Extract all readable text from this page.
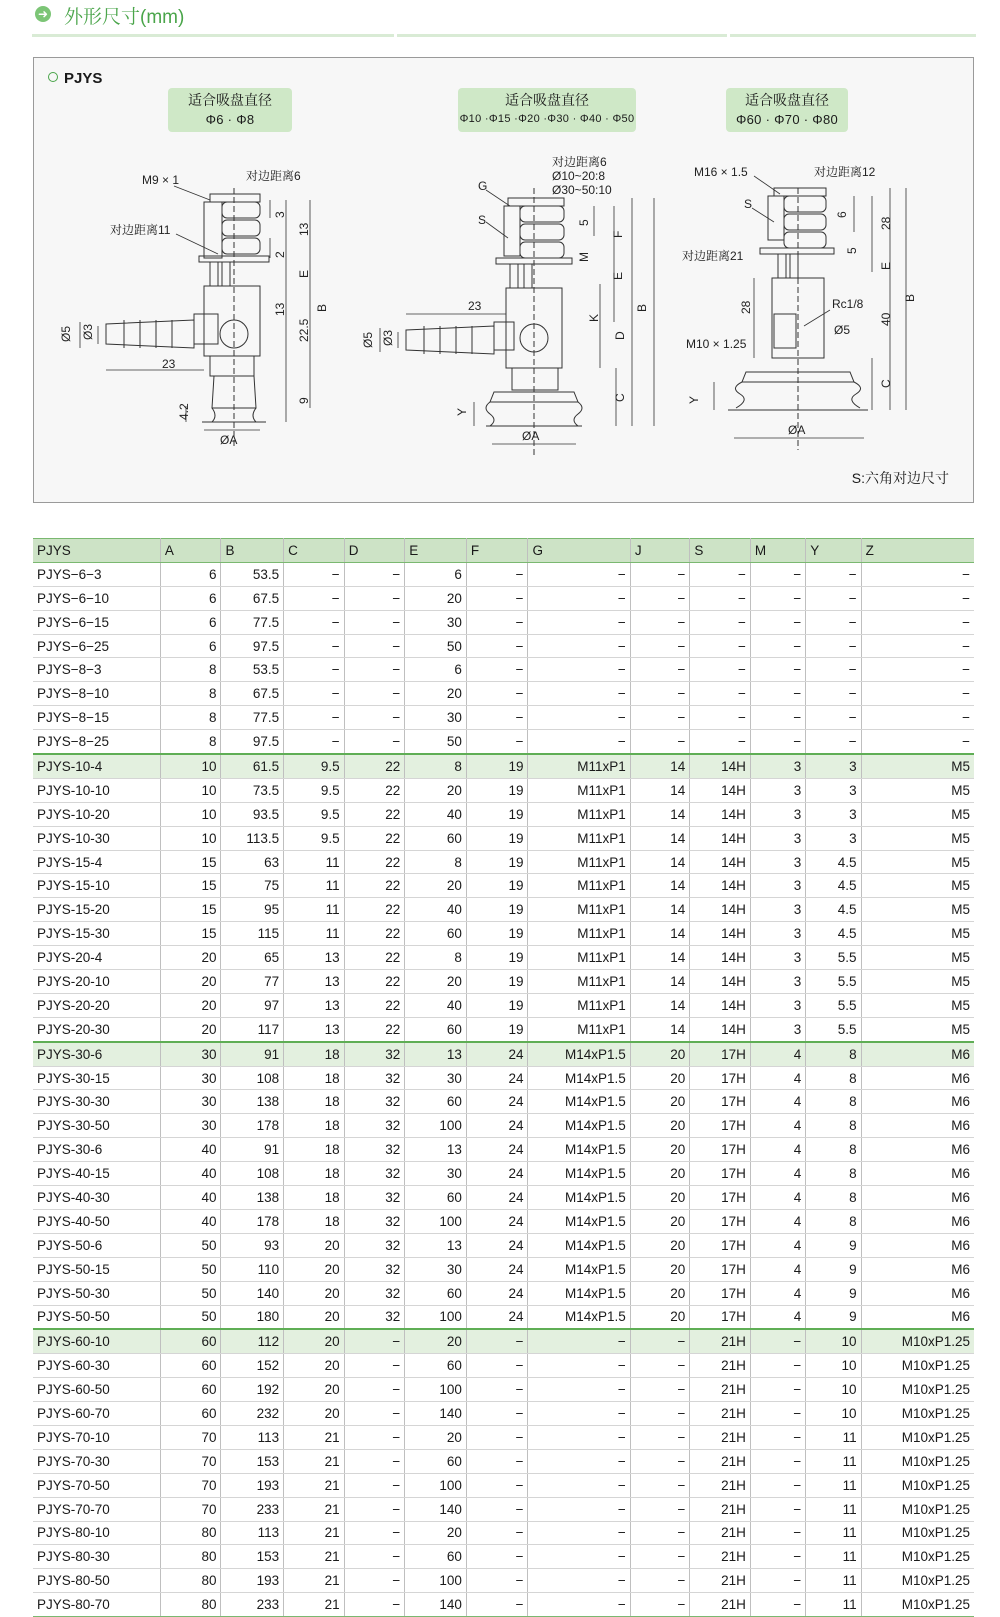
➜ 外形尺寸(mm)
PJYS
适合吸盘直径
Φ6 · Φ8
适合吸盘直径
Φ10 ·Φ15 ·Φ20 ·Φ30 · Φ40 · Φ50
适合吸盘直径
Φ60 · Φ70 · Φ80
M9 × 1	对边距离6
对边距离11
Ø5 Ø3
23
4.2
ØA
3
13
2
E
13
22.5
B
9
对边距离6
Ø10~20:8
Ø30~50:10
G
S
Ø5 Ø3
23
Y
ØA
5
M
F
E
K
D
B
C
M16 × 1.5	对边距离12
S
对边距离21
28	Rc1/8
Ø5
M10 × 1.25
Y
ØA
6
5
28
E
40
B
C
S:六角对边尺寸
PJYS	A	B	C	D	E	F	G	J	S	M	Y	Z
PJYS−6−3	6	53.5	−	−	6	−	−	−	−	−	−	−
PJYS−6−10	6	67.5	−	−	20	−	−	−	−	−	−	−
PJYS−6−15	6	77.5	−	−	30	−	−	−	−	−	−	−
PJYS−6−25	6	97.5	−	−	50	−	−	−	−	−	−	−
PJYS−8−3	8	53.5	−	−	6	−	−	−	−	−	−	−
PJYS−8−10	8	67.5	−	−	20	−	−	−	−	−	−	−
PJYS−8−15	8	77.5	−	−	30	−	−	−	−	−	−	−
PJYS−8−25	8	97.5	−	−	50	−	−	−	−	−	−	−
PJYS-10-4	10	61.5	9.5	22	8	19	M11xP1	14	14H	3	3	M5
PJYS-10-10	10	73.5	9.5	22	20	19	M11xP1	14	14H	3	3	M5
PJYS-10-20	10	93.5	9.5	22	40	19	M11xP1	14	14H	3	3	M5
PJYS-10-30	10	113.5	9.5	22	60	19	M11xP1	14	14H	3	3	M5
PJYS-15-4	15	63	11	22	8	19	M11xP1	14	14H	3	4.5	M5
PJYS-15-10	15	75	11	22	20	19	M11xP1	14	14H	3	4.5	M5
PJYS-15-20	15	95	11	22	40	19	M11xP1	14	14H	3	4.5	M5
PJYS-15-30	15	115	11	22	60	19	M11xP1	14	14H	3	4.5	M5
PJYS-20-4	20	65	13	22	8	19	M11xP1	14	14H	3	5.5	M5
PJYS-20-10	20	77	13	22	20	19	M11xP1	14	14H	3	5.5	M5
PJYS-20-20	20	97	13	22	40	19	M11xP1	14	14H	3	5.5	M5
PJYS-20-30	20	117	13	22	60	19	M11xP1	14	14H	3	5.5	M5
PJYS-30-6	30	91	18	32	13	24	M14xP1.5	20	17H	4	8	M6
PJYS-30-15	30	108	18	32	30	24	M14xP1.5	20	17H	4	8	M6
PJYS-30-30	30	138	18	32	60	24	M14xP1.5	20	17H	4	8	M6
PJYS-30-50	30	178	18	32	100	24	M14xP1.5	20	17H	4	8	M6
PJYS-30-6	40	91	18	32	13	24	M14xP1.5	20	17H	4	8	M6
PJYS-40-15	40	108	18	32	30	24	M14xP1.5	20	17H	4	8	M6
PJYS-40-30	40	138	18	32	60	24	M14xP1.5	20	17H	4	8	M6
PJYS-40-50	40	178	18	32	100	24	M14xP1.5	20	17H	4	8	M6
PJYS-50-6	50	93	20	32	13	24	M14xP1.5	20	17H	4	9	M6
PJYS-50-15	50	110	20	32	30	24	M14xP1.5	20	17H	4	9	M6
PJYS-50-30	50	140	20	32	60	24	M14xP1.5	20	17H	4	9	M6
PJYS-50-50	50	180	20	32	100	24	M14xP1.5	20	17H	4	9	M6
PJYS-60-10	60	112	20	−	20	−	−	−	21H	−	10	M10xP1.25
PJYS-60-30	60	152	20	−	60	−	−	−	21H	−	10	M10xP1.25
PJYS-60-50	60	192	20	−	100	−	−	−	21H	−	10	M10xP1.25
PJYS-60-70	60	232	20	−	140	−	−	−	21H	−	10	M10xP1.25
PJYS-70-10	70	113	21	−	20	−	−	−	21H	−	11	M10xP1.25
PJYS-70-30	70	153	21	−	60	−	−	−	21H	−	11	M10xP1.25
PJYS-70-50	70	193	21	−	100	−	−	−	21H	−	11	M10xP1.25
PJYS-70-70	70	233	21	−	140	−	−	−	21H	−	11	M10xP1.25
PJYS-80-10	80	113	21	−	20	−	−	−	21H	−	11	M10xP1.25
PJYS-80-30	80	153	21	−	60	−	−	−	21H	−	11	M10xP1.25
PJYS-80-50	80	193	21	−	100	−	−	−	21H	−	11	M10xP1.25
PJYS-80-70	80	233	21	−	140	−	−	−	21H	−	11	M10xP1.25
